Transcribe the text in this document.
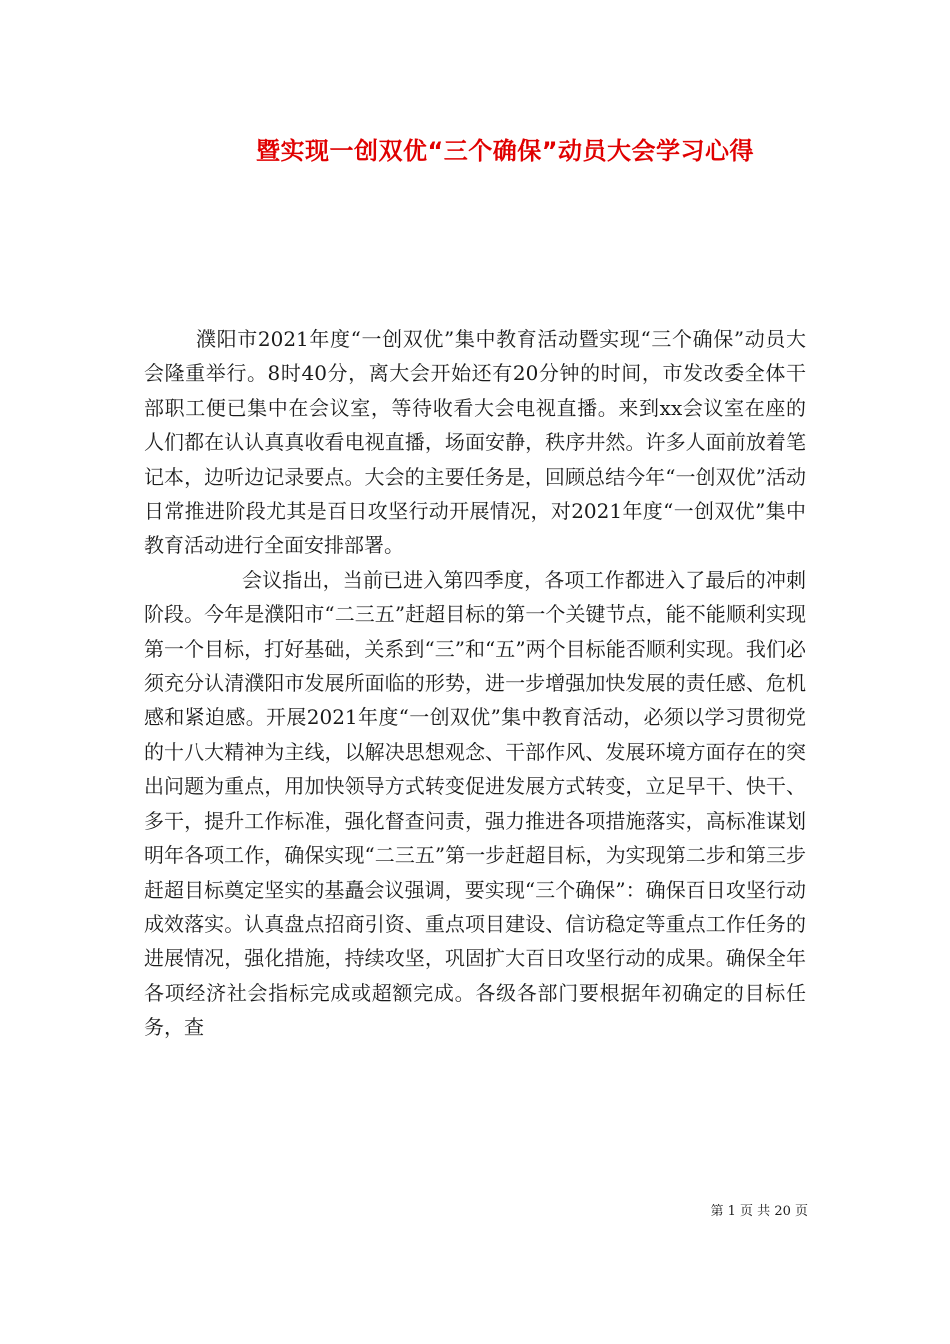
暨实现一创双优“三个确保”动员大会学习心得

濮阳市2021年度“一创双优”集中教育活动暨实现“三个确保”动员大会隆重举行。8时40分，离大会开始还有20分钟的时间，市发改委全体干部职工便已集中在会议室，等待收看大会电视直播。来到xx会议室在座的人们都在认认真真收看电视直播，场面安静，秩序井然。许多人面前放着笔记本，边听边记录要点。大会的主要任务是，回顾总结今年“一创双优”活动日常推进阶段尤其是百日攻坚行动开展情况，对2021年度“一创双优”集中教育活动进行全面安排部署。

会议指出，当前已进入第四季度，各项工作都进入了最后的冲刺阶段。今年是濮阳市“二三五”赶超目标的第一个关键节点，能不能顺利实现第一个目标，打好基础，关系到“三”和“五”两个目标能否顺利实现。我们必须充分认清濮阳市发展所面临的形势，进一步增强加快发展的责任感、危机感和紧迫感。开展2021年度“一创双优”集中教育活动，必须以学习贯彻党的十八大精神为主线，以解决思想观念、干部作风、发展环境方面存在的突出问题为重点，用加快领导方式转变促进发展方式转变，立足早干、快干、多干，提升工作标准，强化督查问责，强力推进各项措施落实，高标准谋划明年各项工作，确保实现“二三五”第一步赶超目标，为实现第二步和第三步赶超目标奠定坚实的基矗会议强调，要实现“三个确保”：确保百日攻坚行动成效落实。认真盘点招商引资、重点项目建设、信访稳定等重点工作任务的进展情况，强化措施，持续攻坚，巩固扩大百日攻坚行动的成果。确保全年各项经济社会指标完成或超额完成。各级各部门要根据年初确定的目标任务，查

第 1 页 共 20 页
